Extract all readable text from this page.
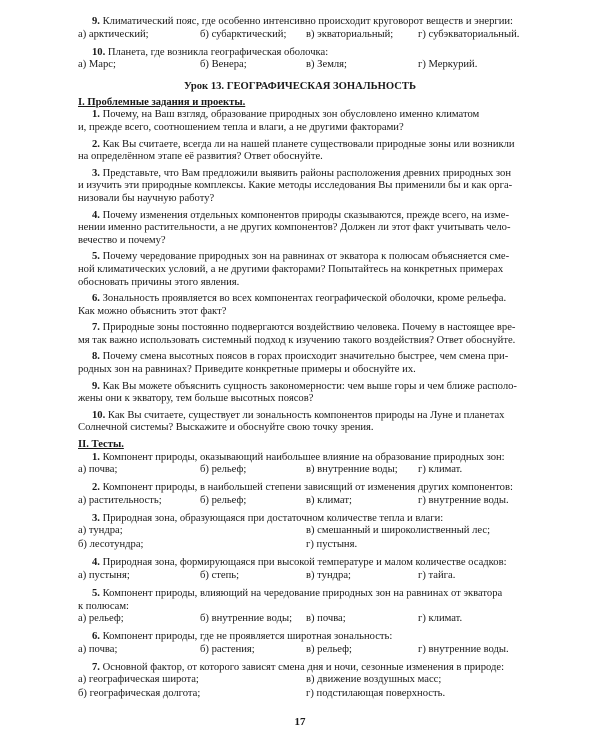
9. Климатический пояс, где особенно интенсивно происходит круговорот веществ и энергии:
а) арктический;	б) субарктический; в) экваториальный; г) субэкваториальный.
10. Планета, где возникла географическая оболочка:
а) Марс;	б) Венера;	в) Земля;	г) Меркурий.
Урок 13. ГЕОГРАФИЧЕСКАЯ ЗОНАЛЬНОСТЬ
I. Проблемные задания и проекты.
1. Почему, на Ваш взгляд, образование природных зон обусловлено именно климатом
и, прежде всего, соотношением тепла и влаги, а не другими факторами?
2. Как Вы считаете, всегда ли на нашей планете существовали природные зоны или возникли
на определённом этапе её развития? Ответ обоснуйте.
3. Представьте, что Вам предложили выявить районы расположения древних природных зон
и изучить эти природные комплексы. Какие методы исследования Вы применили бы и как орга-
низовали бы научную работу?
4. Почему изменения отдельных компонентов природы сказываются, прежде всего, на изме-
нении именно растительности, а не других компонентов? Должен ли этот факт учитывать чело-
вечество и почему?
5. Почему чередование природных зон на равнинах от экватора к полюсам объясняется сме-
ной климатических условий, а не другими факторами? Попытайтесь на конкретных примерах
обосновать причины этого явления.
6. Зональность проявляется во всех компонентах географической оболочки, кроме рельефа.
Как можно объяснить этот факт?
7. Природные зоны постоянно подвергаются воздействию человека. Почему в настоящее вре-
мя так важно использовать системный подход к изучению такого воздействия? Ответ обоснуйте.
8. Почему смена высотных поясов в горах происходит значительно быстрее, чем смена при-
родных зон на равнинах? Приведите конкретные примеры и обоснуйте их.
9. Как Вы можете объяснить сущность закономерности: чем выше горы и чем ближе располо-
жены они к экватору, тем больше высотных поясов?
10. Как Вы считаете, существует ли зональность компонентов природы на Луне и планетах
Солнечной системы? Выскажите и обоснуйте свою точку зрения.
II. Тесты.
1. Компонент природы, оказывающий наибольшее влияние на образование природных зон:
а) почва;	б) рельеф;	в) внутренние воды; г) климат.
2. Компонент природы, в наибольшей степени зависящий от изменения других компонентов:
а) растительность;	б) рельеф;	в) климат;	г) внутренние воды.
3. Природная зона, образующаяся при достаточном количестве тепла и влаги:
а) тундра;	в) смешанный и широколиственный лес;
б) лесотундра;	г) пустыня.
4. Природная зона, формирующаяся при высокой температуре и малом количестве осадков:
а) пустыня;	б) степь;	в) тундра;	г) тайга.
5. Компонент природы, влияющий на чередование природных зон на равнинах от экватора
к полюсам:
а) рельеф;	б) внутренние воды; в) почва;	г) климат.
6. Компонент природы, где не проявляется широтная зональность:
а) почва;	б) растения;	в) рельеф;	г) внутренние воды.
7. Основной фактор, от которого зависят смена дня и ночи, сезонные изменения в природе:
а) географическая широта;	в) движение воздушных масс;
б) географическая долгота;	г) подстилающая поверхность.
17
